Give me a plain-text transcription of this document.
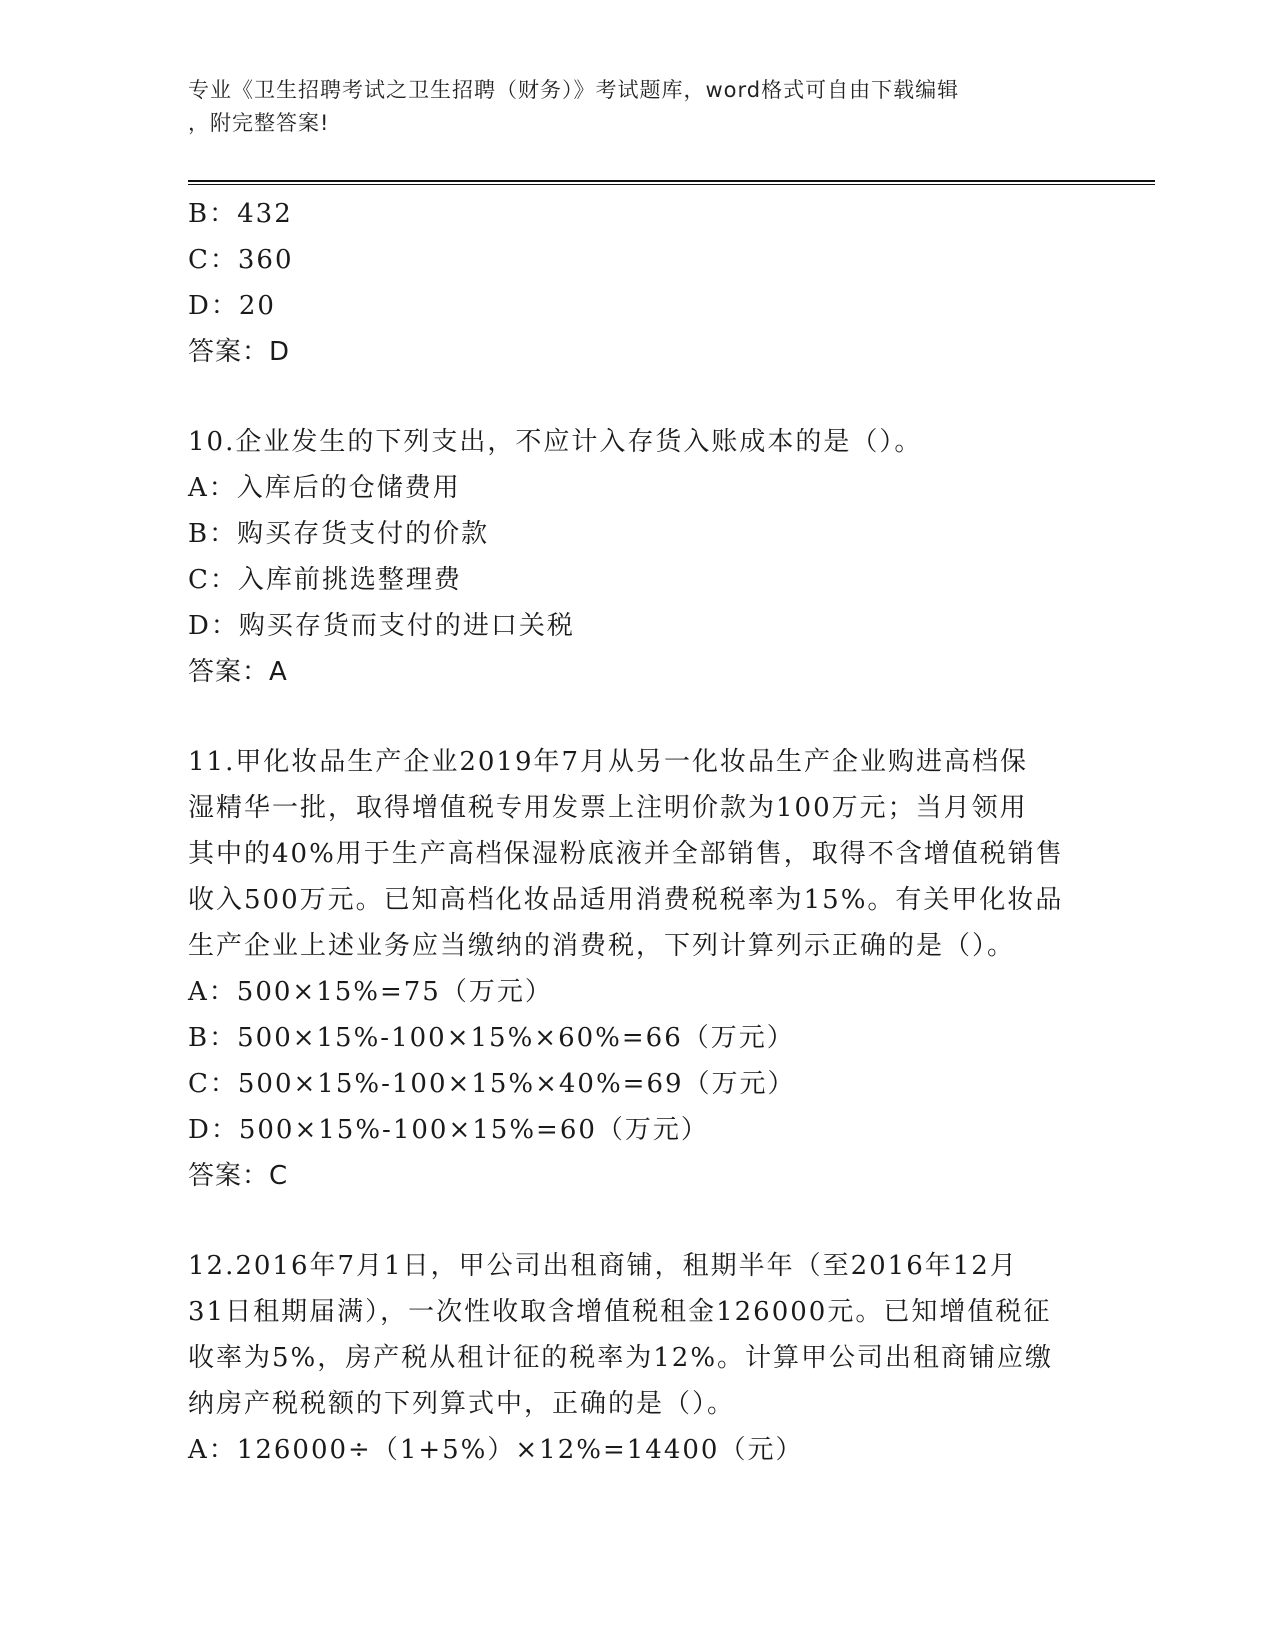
专业《卫生招聘考试之卫生招聘（财务）》考试题库，word格式可自由下载编辑
，附完整答案!
B：432
C：360
D：20
答案：D
10.企业发生的下列支出，不应计入存货入账成本的是（）。
A：入库后的仓储费用
B：购买存货支付的价款
C：入库前挑选整理费
D：购买存货而支付的进口关税
答案：A
11.甲化妆品生产企业2019年7月从另一化妆品生产企业购进高档保
湿精华一批，取得增值税专用发票上注明价款为100万元；当月领用
其中的40%用于生产高档保湿粉底液并全部销售，取得不含增值税销售
收入500万元。已知高档化妆品适用消费税税率为15%。有关甲化妆品
生产企业上述业务应当缴纳的消费税，下列计算列示正确的是（）。
A：500×15%=75（万元）
B：500×15%-100×15%×60%=66（万元）
C：500×15%-100×15%×40%=69（万元）
D：500×15%-100×15%=60（万元）
答案：C
12.2016年7月1日，甲公司出租商铺，租期半年（至2016年12月
31日租期届满），一次性收取含增值税租金126000元。已知增值税征
收率为5%，房产税从租计征的税率为12%。计算甲公司出租商铺应缴
纳房产税税额的下列算式中，正确的是（）。
A：126000÷（1+5%）×12%=14400（元）
